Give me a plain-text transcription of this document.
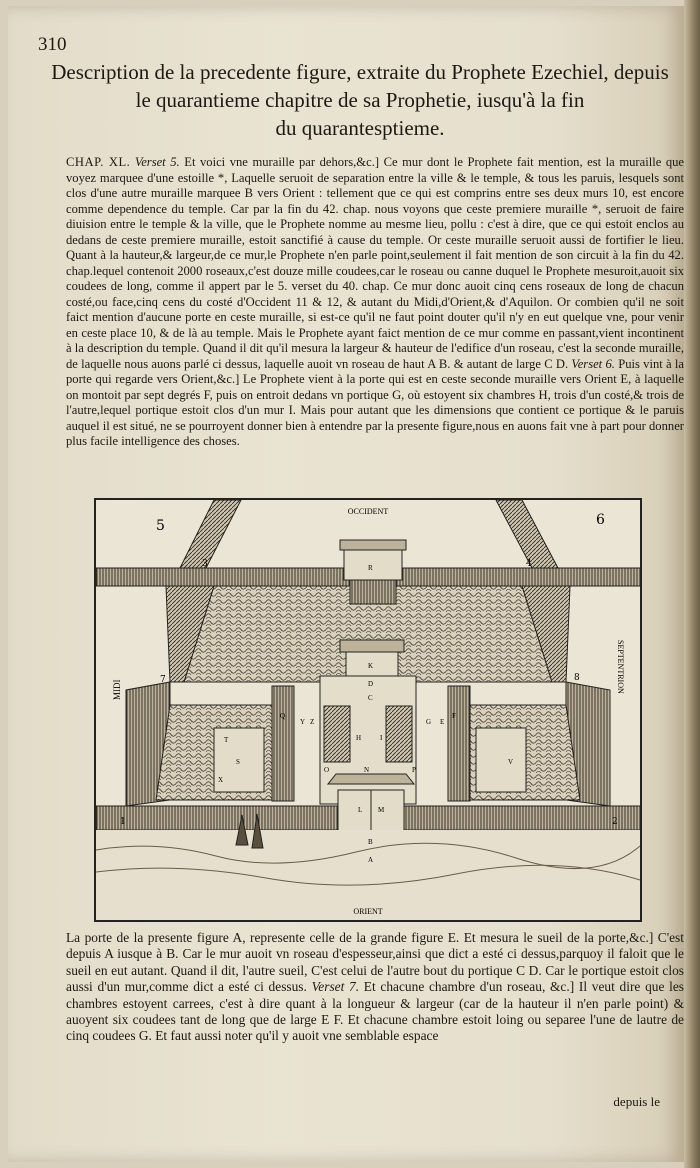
310
Description de la precedente figure, extraite du Prophete Ezechiel, depuis
le quarantieme chapitre de sa Prophetie, iusqu'à la fin
du quarantesptieme.
CHAP. XL. Verset 5. Et voici vne muraille par dehors,&c.] Ce mur dont le Prophete fait mention, est la muraille que voyez marquee d'une estoille *, Laquelle seruoit de separation entre la ville & le temple, & tous les paruis, lesquels sont clos d'une autre muraille marquee B vers Orient : tellement que ce qui est comprins entre ses deux murs 10, est encore comme dependence du temple. Car par la fin du 42. chap. nous voyons que ceste premiere muraille *, seruoit de faire diuision entre le temple & la ville, que le Prophete nomme au mesme lieu, pollu : c'est à dire, que ce qui estoit enclos au dedans de ceste premiere muraille, estoit sanctifié à cause du temple. Or ceste muraille seruoit aussi de fortifier le lieu. Quant à la hauteur,& largeur,de ce mur,le Prophete n'en parle point,seulement il fait mention de son circuit à la fin du 42. chap.lequel contenoit 2000 roseaux,c'est douze mille coudees,car le roseau ou canne duquel le Prophete mesuroit,auoit six coudees de long, comme il appert par le 5. verset du 40. chap. Ce mur donc auoit cinq cens roseaux de long de chacun costé,ou face,cinq cens du costé d'Occident 11 & 12, & autant du Midi,d'Orient,& d'Aquilon. Or combien qu'il ne soit faict mention d'aucune porte en ceste muraille, si est-ce qu'il ne faut point douter qu'il n'y en eut quelque vne, pour venir en ceste place 10, & de là au temple. Mais le Prophete ayant faict mention de ce mur comme en passant,vient incontinent à la description du temple. Quand il dit qu'il mesura la largeur & hauteur de l'edifice d'un roseau, c'est la seconde muraille, de laquelle nous auons parlé ci dessus, laquelle auoit vn roseau de haut A B. & autant de large C D. Verset 6. Puis vint à la porte qui regarde vers Orient,&c.] Le Prophete vient à la porte qui est en ceste seconde muraille vers Orient E, à laquelle on montoit par sept degrés F, puis on entroit dedans vn portique G, où estoyent six chambres H, trois d'un costé,& trois de l'autre,lequel portique estoit clos d'un mur I. Mais pour autant que les dimensions que contient ce portique & le paruis auquel il est situé, ne se pourroyent donner bien à entendre par la presente figure,nous en auons fait vne à part pour donner plus facile intelligence des choses.
OCCIDENT
ORIENT
MIDI	SEPTENTRION
5	6
3	4
7	8
1	2
R
K
D
C
L M
B
A
H	I
N
O	P
Q
S
T
V
X
Y Z	G E
F
La porte de la presente figure A, represente celle de la grande figure E. Et mesura le sueil de la porte,&c.] C'est depuis A iusque à B. Car le mur auoit vn roseau d'espesseur,ainsi que dict a esté ci dessus,parquoy il faloit que le sueil en eut autant. Quand il dit, l'autre sueil, C'est celui de l'autre bout du portique C D. Car le portique estoit clos aussi d'un mur,comme dict a esté ci dessus. Verset 7. Et chacune chambre d'un roseau, &c.] Il veut dire que les chambres estoyent carrees, c'est à dire quant à la longueur & largeur (car de la hauteur il n'en parle point) & auoyent six coudees tant de long que de large E F. Et chacune chambre estoit loing ou separee l'une de lautre de cinq coudees G. Et faut aussi noter qu'il y auoit vne semblable espace
depuis le
